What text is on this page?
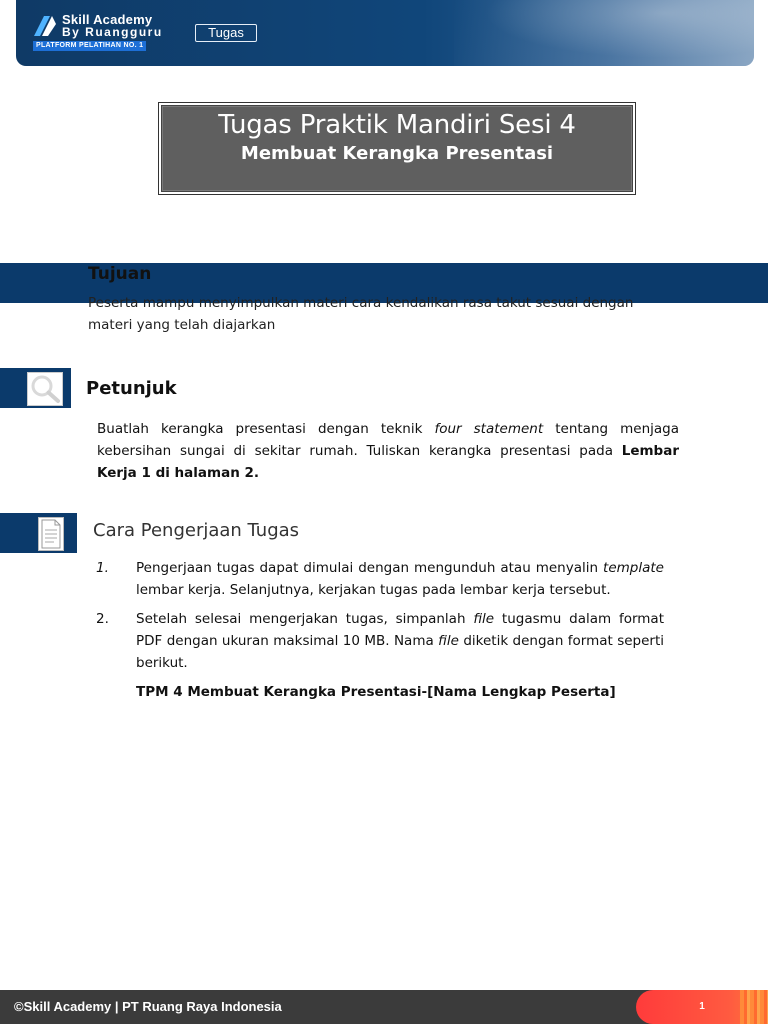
Skill Academy
By Ruangguru
PLATFORM PELATIHAN NO. 1
Tugas
Tugas Praktik Mandiri Sesi 4
Membuat Kerangka Presentasi
Tujuan
Peserta mampu menyimpulkan materi cara kendalikan rasa takut sesuai dengan materi yang telah diajarkan
Petunjuk
Buatlah kerangka presentasi dengan teknik four statement tentang menjaga kebersihan sungai di sekitar rumah. Tuliskan kerangka presentasi pada Lembar Kerja 1 di halaman 2.
Cara Pengerjaan Tugas
1.	Pengerjaan tugas dapat dimulai dengan mengunduh atau menyalin template lembar kerja. Selanjutnya, kerjakan tugas pada lembar kerja tersebut.
2.	Setelah selesai mengerjakan tugas, simpanlah file tugasmu dalam format PDF dengan ukuran maksimal 10 MB. Nama file diketik dengan format seperti berikut.
TPM 4 Membuat Kerangka Presentasi-[Nama Lengkap Peserta]
©Skill Academy | PT Ruang Raya Indonesia	1
